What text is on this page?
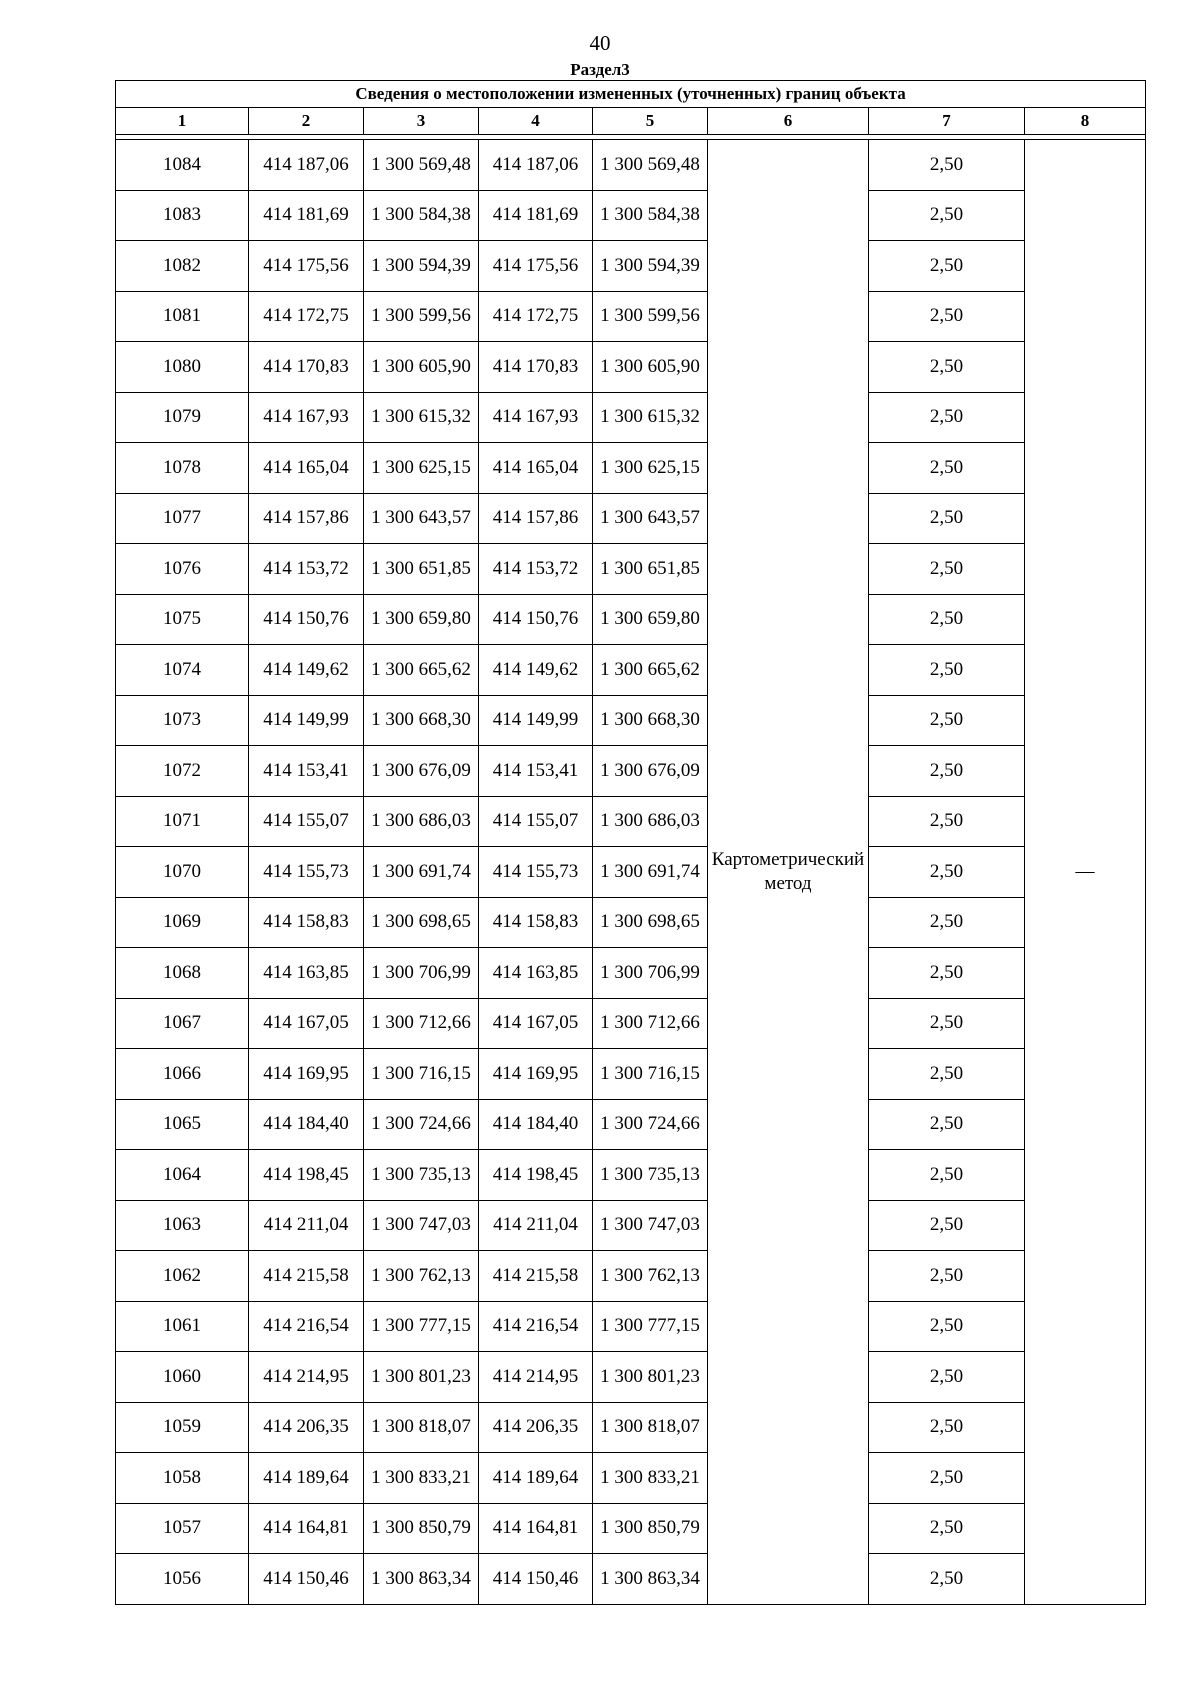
40
Раздел3
Сведения о местоположении измененных (уточненных) границ объекта							
1	2	3	4	5	6	7	8

1084	414 187,06	1 300 569,48	414 187,06	1 300 569,48	Картометрический метод	2,50	—
1083	414 181,69	1 300 584,38	414 181,69	1 300 584,38		2,50	
1082	414 175,56	1 300 594,39	414 175,56	1 300 594,39		2,50	
1081	414 172,75	1 300 599,56	414 172,75	1 300 599,56		2,50	
1080	414 170,83	1 300 605,90	414 170,83	1 300 605,90		2,50	
1079	414 167,93	1 300 615,32	414 167,93	1 300 615,32		2,50	
1078	414 165,04	1 300 625,15	414 165,04	1 300 625,15		2,50	
1077	414 157,86	1 300 643,57	414 157,86	1 300 643,57		2,50	
1076	414 153,72	1 300 651,85	414 153,72	1 300 651,85		2,50	
1075	414 150,76	1 300 659,80	414 150,76	1 300 659,80		2,50	
1074	414 149,62	1 300 665,62	414 149,62	1 300 665,62		2,50	
1073	414 149,99	1 300 668,30	414 149,99	1 300 668,30		2,50	
1072	414 153,41	1 300 676,09	414 153,41	1 300 676,09		2,50	
1071	414 155,07	1 300 686,03	414 155,07	1 300 686,03		2,50	
1070	414 155,73	1 300 691,74	414 155,73	1 300 691,74		2,50	
1069	414 158,83	1 300 698,65	414 158,83	1 300 698,65		2,50	
1068	414 163,85	1 300 706,99	414 163,85	1 300 706,99		2,50	
1067	414 167,05	1 300 712,66	414 167,05	1 300 712,66		2,50	
1066	414 169,95	1 300 716,15	414 169,95	1 300 716,15		2,50	
1065	414 184,40	1 300 724,66	414 184,40	1 300 724,66		2,50	
1064	414 198,45	1 300 735,13	414 198,45	1 300 735,13		2,50	
1063	414 211,04	1 300 747,03	414 211,04	1 300 747,03		2,50	
1062	414 215,58	1 300 762,13	414 215,58	1 300 762,13		2,50	
1061	414 216,54	1 300 777,15	414 216,54	1 300 777,15		2,50	
1060	414 214,95	1 300 801,23	414 214,95	1 300 801,23		2,50	
1059	414 206,35	1 300 818,07	414 206,35	1 300 818,07		2,50	
1058	414 189,64	1 300 833,21	414 189,64	1 300 833,21		2,50	
1057	414 164,81	1 300 850,79	414 164,81	1 300 850,79		2,50	
1056	414 150,46	1 300 863,34	414 150,46	1 300 863,34		2,50	
